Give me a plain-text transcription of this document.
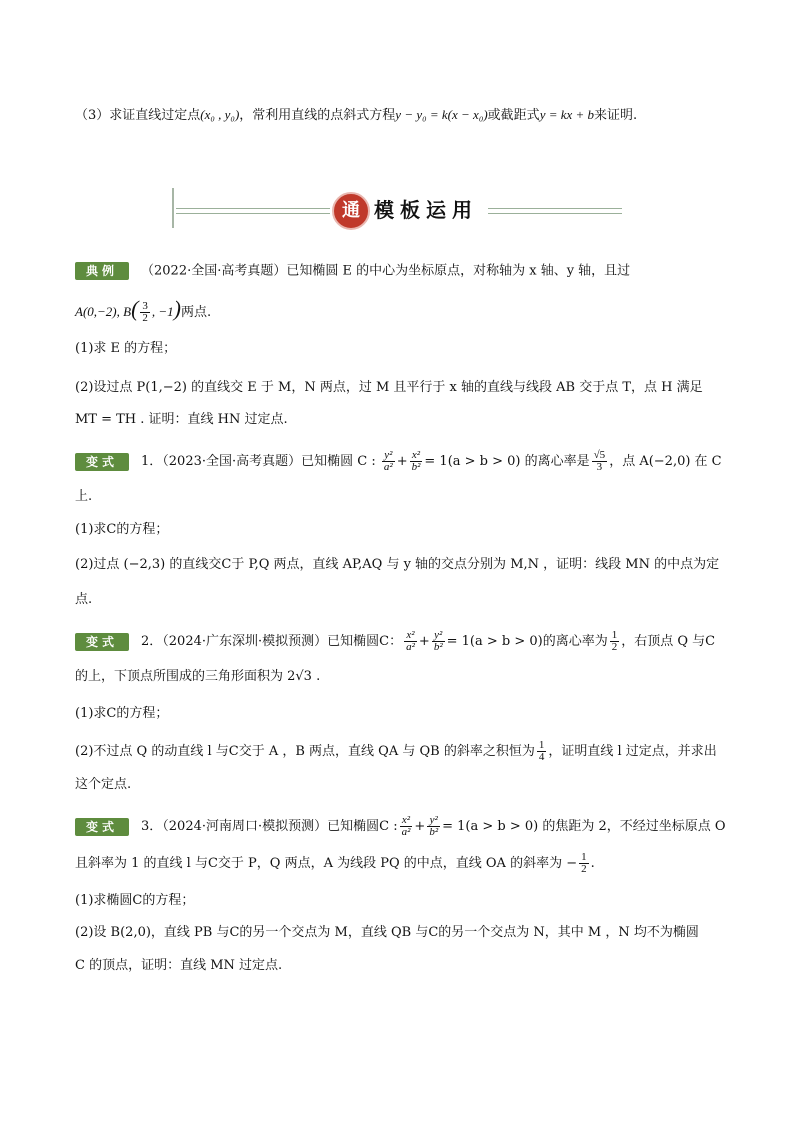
（3）求证直线过定点(x₀ , y₀)，常利用直线的点斜式方程y − y₀ = k(x − x₀)或截距式y = kx + b来证明.
通 模板运用
典例 （2022·全国·高考真题）已知椭圆 E 的中心为坐标原点，对称轴为 x 轴、y 轴，且过
A(0,−2), $B( \frac{3}{2}$ , −1)两点.
(1)求 E 的方程；
(2)设过点 P(1,−2) 的直线交 E 于 M，N 两点，过 M 且平行于 x 轴的直线与线段 AB 交于点 T，点 H 满足
MT = TH . 证明：直线 HN 过定点.
变式 1．（2023·全国·高考真题）已知椭圆 C : $\frac{\text{y²}}{\text{a²}} + \frac{\text{x²}}{\text{b²}} = 1(a > b > 0)$ 的离心率是 $\frac{√5}{3}$ ，点 A(−2,0) 在 C
上.
(1)求C的方程；
(2)过点 (−2,3) 的直线交C于 P,Q 两点，直线 AP,AQ 与 y 轴的交点分别为 M,N ，证明：线段 MN 的中点为定
点.
变式 2．（2024·广东深圳·模拟预测）已知椭圆C： $\frac{\text{x²}}{\text{a²}} + \frac{\text{y²}}{\text{b²}} = 1(a > b > 0)$的离心率为 $\frac{1}{2}$ ，右顶点 Q 与C
的上，下顶点所围成的三角形面积为 2√3 .
(1)求C的方程；
(2)不过点 Q 的动直线 l 与C交于 A ，B 两点，直线 QA 与 QB 的斜率之积恒为 $\frac{1}{4}$ ，证明直线 l 过定点，并求出
这个定点.
变式 3．（2024·河南周口·模拟预测）已知椭圆C : $\frac{\text{x²}}{\text{a²}} + \frac{\text{y²}}{\text{b²}} = 1(a > b > 0)$ 的焦距为 2，不经过坐标原点 O
且斜率为 1 的直线 l 与C交于 P，Q 两点，A 为线段 PQ 的中点，直线 OA 的斜率为 − $\frac{1}{2}$ .
(1)求椭圆C的方程；
(2)设 B(2,0)，直线 PB 与C的另一个交点为 M，直线 QB 与C的另一个交点为 N，其中 M ，N 均不为椭圆
C 的顶点，证明：直线 MN 过定点.
